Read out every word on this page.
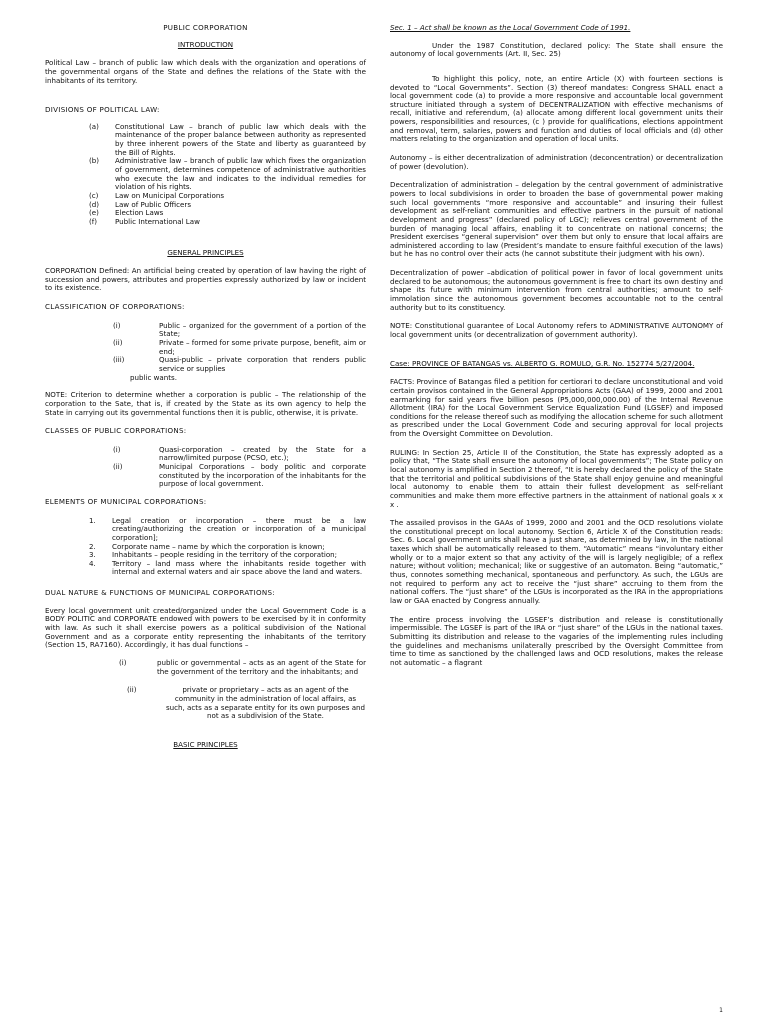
PUBLIC CORPORATION

INTRODUCTION

Political Law – branch of public law which deals with the organization and operations of the governmental organs of the State and defines the relations of the State with the inhabitants of its territory.

DIVISIONS OF POLITICAL LAW:

(a)	Constitutional Law – branch of public law which deals with the maintenance of the proper balance between authority as represented by three inherent powers of the State and liberty as guaranteed by the Bill of Rights.
(b)	Administrative law – branch of public law which fixes the organization of government, determines competence of administrative authorities who execute the law and indicates to the individual remedies for violation of his rights.
(c)	Law on Municipal Corporations
(d)	Law of Public Officers
(e)	Election Laws
(f)	Public International Law

GENERAL PRINCIPLES

CORPORATION Defined: An artificial being created by operation of law having the right of succession and powers, attributes and properties expressly authorized by law or incident to its existence.

CLASSIFICATION OF CORPORATIONS:

(i)	Public – organized for the government of a portion of the State;
(ii)	Private – formed for some private purpose, benefit, aim or end;
(iii)	Quasi-public – private corporation that renders public service or supplies

public wants.

NOTE: Criterion to determine whether a corporation is public – The relationship of the corporation to the Sate, that is, if created by the State as its own agency to help the State in carrying out its governmental functions then it is public, otherwise, it is private.

CLASSES OF PUBLIC CORPORATIONS:

(i)	Quasi-corporation – created by the State for a narrow/limited purpose (PCSO, etc.);
(ii)	Municipal Corporations – body politic and corporate constituted by the incorporation of the inhabitants for the purpose of local government.

ELEMENTS OF MUNICIPAL CORPORATIONS:

1.	Legal creation or incorporation – there must be a law creating/authorizing the creation or incorporation of a municipal corporation];
2.	Corporate name – name by which the corporation is known;
3.	Inhabitants – people residing in the territory of the corporation;
4.	Territory – land mass where the inhabitants reside together with internal and external waters and air space above the land and waters.

DUAL NATURE & FUNCTIONS OF MUNICIPAL CORPORATIONS:

Every local government unit created/organized under the Local Government Code is a BODY POLITIC and CORPORATE endowed with powers to be exercised by it in conformity with law. As such it shall exercise powers as a political subdivision of the National Government and as a corporate entity representing the inhabitants of the territory (Section 15, RA7160). Accordingly, it has dual functions –

(i)	public or governmental – acts as an agent of the State for the government of the territory and the inhabitants; and
(ii)	private or proprietary – acts as an agent of the community in the administration of local affairs, as such, acts as a separate entity for its own purposes and not as a subdivision of the State.

BASIC PRINCIPLES

Sec. 1 – Act shall be known as the Local Government Code of 1991.

Under the 1987 Constitution, declared policy: The State shall ensure the autonomy of local governments (Art. II, Sec. 25)

To highlight this policy, note, an entire Article (X) with fourteen sections is devoted to “Local Governments”. Section (3) thereof mandates: Congress SHALL enact a local government code (a) to provide a more responsive and accountable local government structure initiated through a system of DECENTRALIZATION with effective mechanisms of recall, initiative and referendum, (a) allocate among different local government units their powers, responsibilities and resources, (c ) provide for qualifications, elections appointment and removal, term, salaries, powers and function and duties of local officials and (d) other matters relating to the organization and operation of local units.

Autonomy – is either decentralization of administration (deconcentration) or decentralization of power (devolution).

Decentralization of administration – delegation by the central government of administrative powers to local subdivisions in order to broaden the base of governmental power making such local governments “more responsive and accountable” and insuring their fullest development as self-reliant communities and effective partners in the pursuit of national development and progress” (declared policy of LGC); relieves central government of the burden of managing local affairs, enabling it to concentrate on national concerns; the President exercises “general supervision” over them but only to ensure that local affairs are administered according to law (President’s mandate to ensure faithful execution of the laws) but he has no control over their acts (he cannot substitute their judgment with his own).

Decentralization of power –abdication of political power in favor of local government units declared to be autonomous; the autonomous government is free to chart its own destiny and shape its future with minimum intervention from central authorities; amount to self-immolation since the autonomous government becomes accountable not to the central authority but to its constituency.

NOTE: Constitutional guarantee of Local Autonomy refers to ADMINISTRATIVE AUTONOMY of local government units (or decentralization of government authority).

Case: PROVINCE OF BATANGAS vs. ALBERTO G. ROMULO, G.R. No. 152774 5/27/2004.

FACTS: Province of Batangas filed a petition for certiorari to declare unconstitutional and void certain provisos contained in the General Appropriations Acts (GAA) of 1999, 2000 and 2001 earmarking for said years five billion pesos (P5,000,000,000.00) of the Internal Revenue Allotment (IRA) for the Local Government Service Equalization Fund (LGSEF) and imposed conditions for the release thereof such as modifying the allocation scheme for such allotment as prescribed under the Local Government Code and securing approval for local projects from the Oversight Committee on Devolution.

RULING: In Section 25, Article II of the Constitution, the State has expressly adopted as a policy that, “The State shall ensure the autonomy of local governments”; The State policy on local autonomy is amplified in Section 2 thereof, “It is hereby declared the policy of the State that the territorial and political subdivisions of the State shall enjoy genuine and meaningful local autonomy to enable them to attain their fullest development as self-reliant communities and make them more effective partners in the attainment of national goals x x x .

The assailed provisos in the GAAs of 1999, 2000 and 2001 and the OCD resolutions violate the constitutional precept on local autonomy. Section 6, Article X of the Constitution reads: Sec. 6. Local government units shall have a just share, as determined by law, in the national taxes which shall be automatically released to them. “Automatic” means “involuntary either wholly or to a major extent so that any activity of the will is largely negligible; of a reflex nature; without volition; mechanical; like or suggestive of an automaton. Being “automatic,” thus, connotes something mechanical, spontaneous and perfunctory. As such, the LGUs are not required to perform any act to receive the “just share” accruing to them from the national coffers. The “just share” of the LGUs is incorporated as the IRA in the appropriations law or GAA enacted by Congress annually.

The entire process involving the LGSEF’s distribution and release is constitutionally impermissible. The LGSEF is part of the IRA or “just share” of the LGUs in the national taxes. Submitting its distribution and release to the vagaries of the implementing rules including the guidelines and mechanisms unilaterally prescribed by the Oversight Committee from time to time as sanctioned by the challenged laws and OCD resolutions, makes the release not automatic – a flagrant

1
